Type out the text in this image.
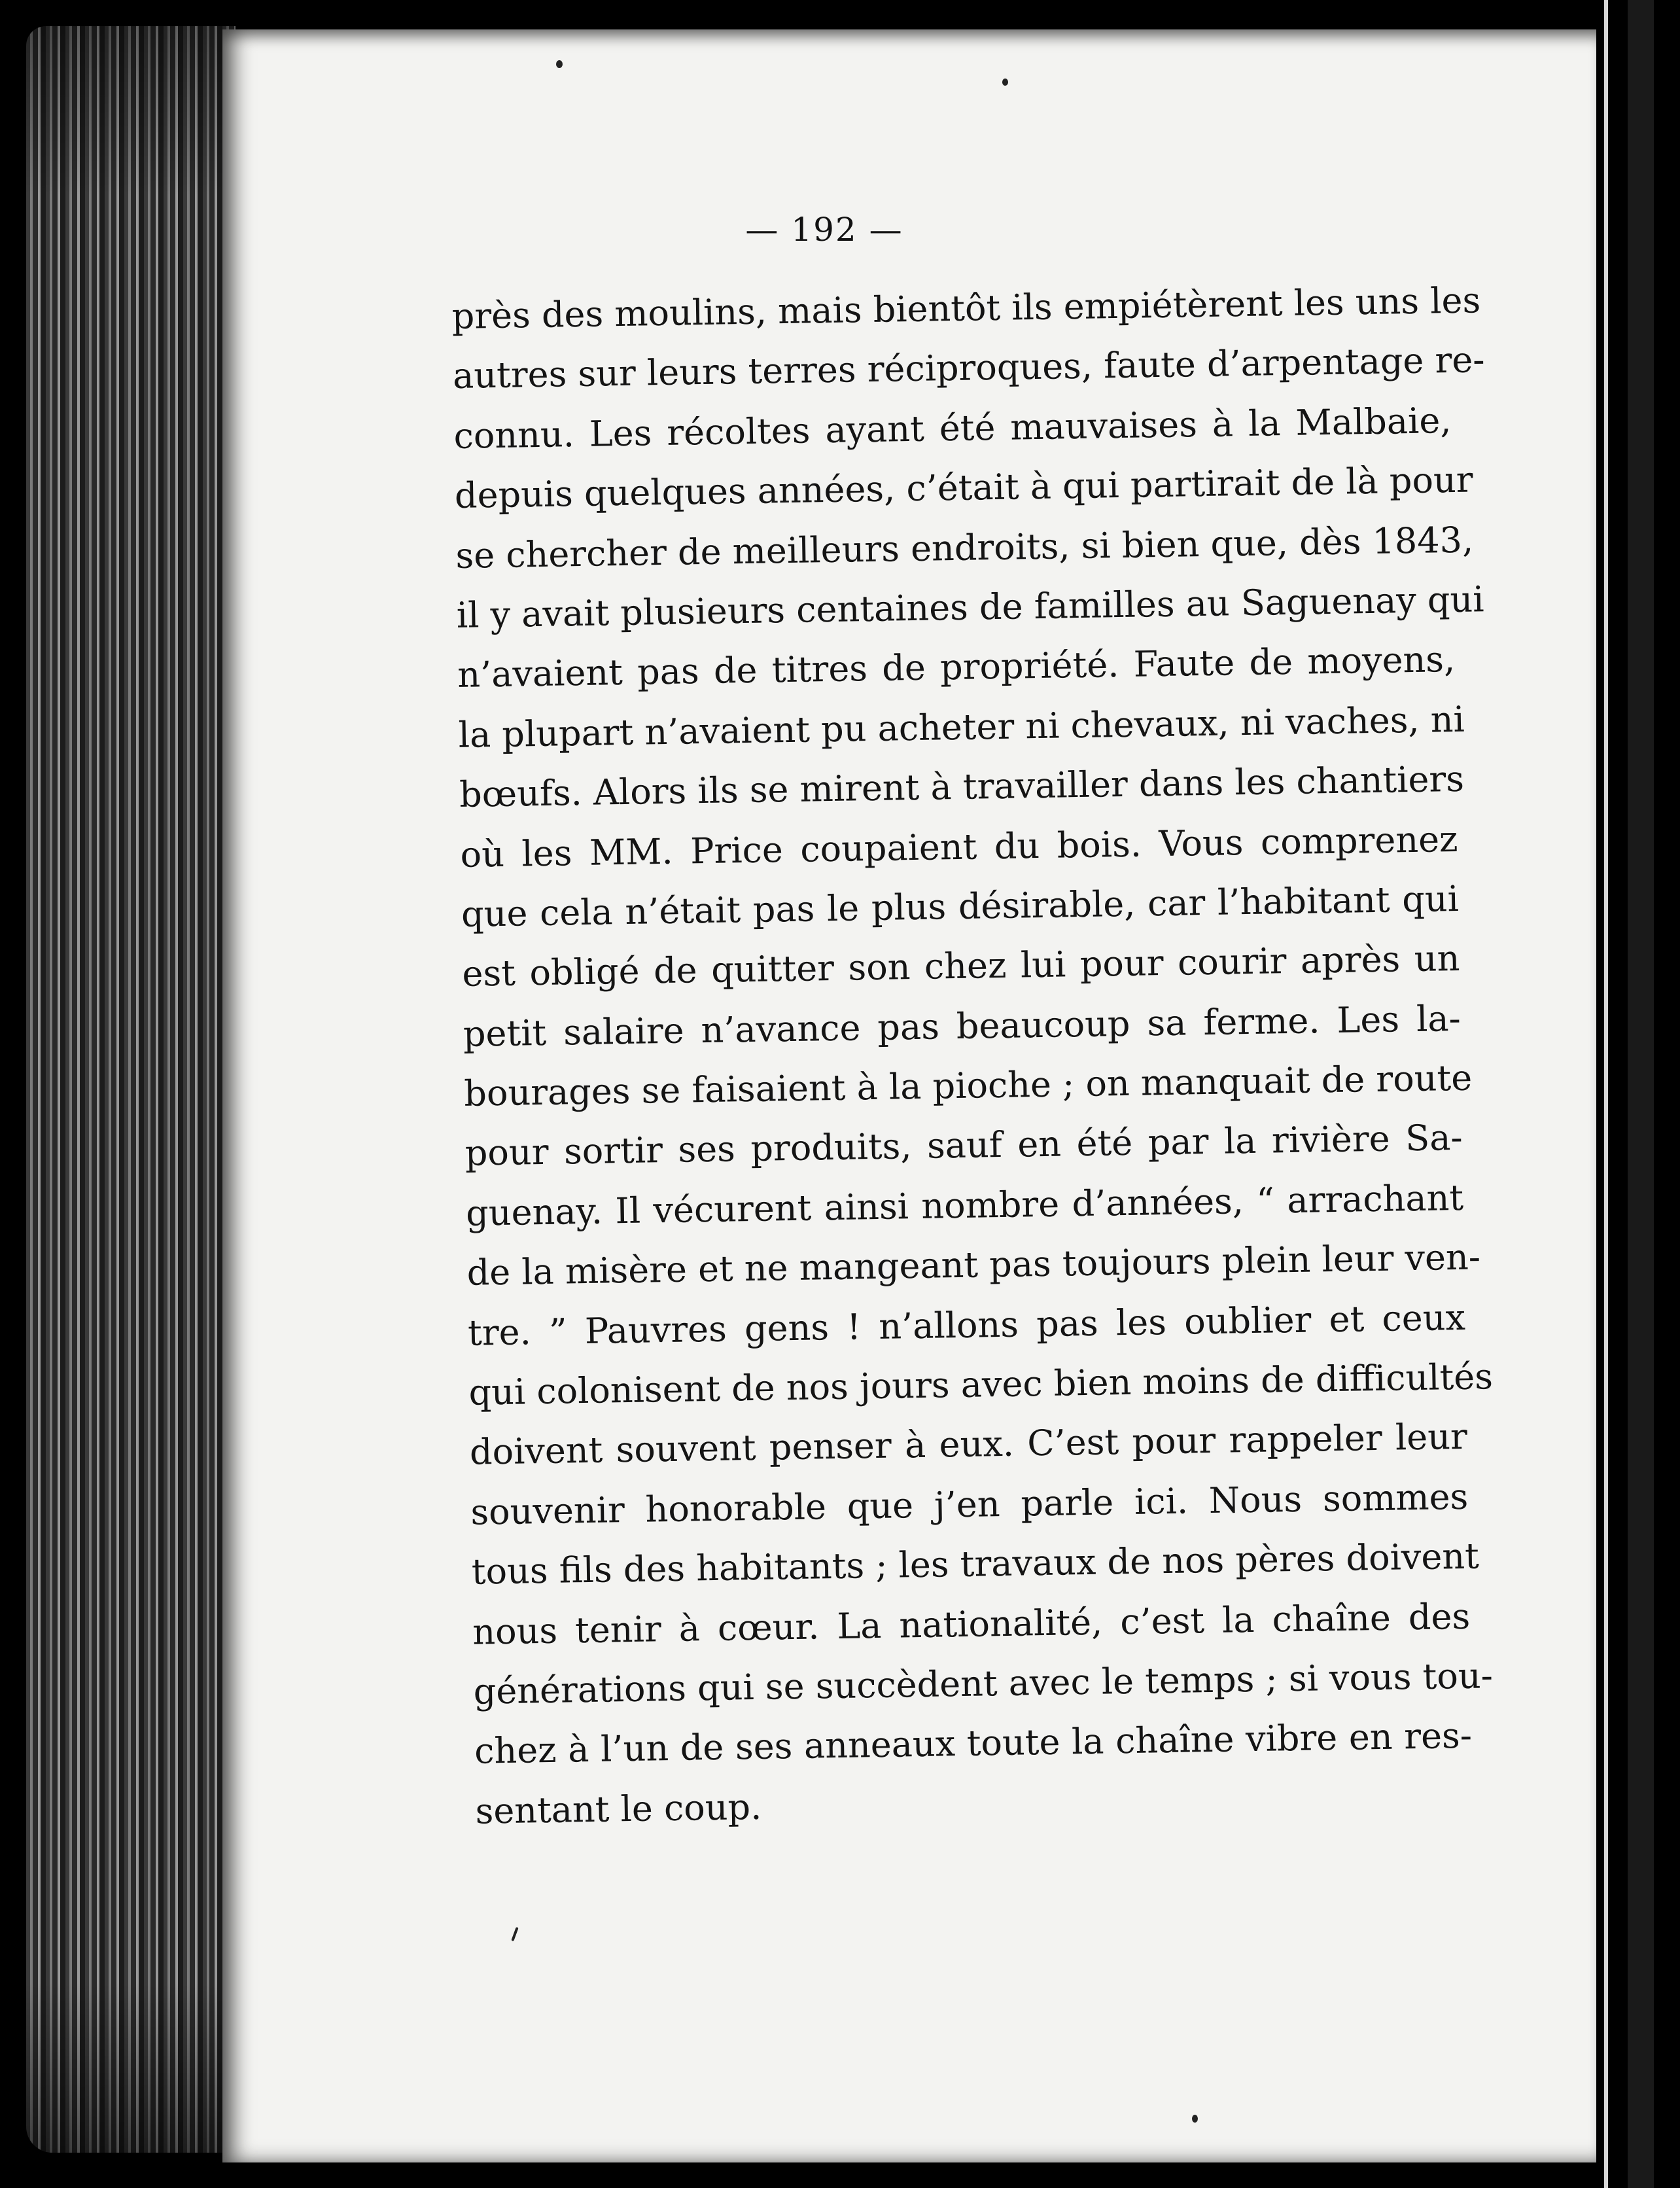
— 192 —
près des moulins, mais bientôt ils empiétèrent les uns les
autres sur leurs terres réciproques, faute d’arpentage re-
connu. Les récoltes ayant été mauvaises à la Malbaie,
depuis quelques années, c’était à qui partirait de là pour
se chercher de meilleurs endroits, si bien que, dès 1843,
il y avait plusieurs centaines de familles au Saguenay qui
n’avaient pas de titres de propriété. Faute de moyens,
la plupart n’avaient pu acheter ni chevaux, ni vaches, ni
bœufs. Alors ils se mirent à travailler dans les chantiers
où les MM. Price coupaient du bois. Vous comprenez
que cela n’était pas le plus désirable, car l’habitant qui
est obligé de quitter son chez lui pour courir après un
petit salaire n’avance pas beaucoup sa ferme. Les la-
bourages se faisaient à la pioche ; on manquait de route
pour sortir ses produits, sauf en été par la rivière Sa-
guenay. Il vécurent ainsi nombre d’années, “ arrachant
de la misère et ne mangeant pas toujours plein leur ven-
tre. ” Pauvres gens ! n’allons pas les oublier et ceux
qui colonisent de nos jours avec bien moins de difficultés
doivent souvent penser à eux. C’est pour rappeler leur
souvenir honorable que j’en parle ici. Nous sommes
tous fils des habitants ; les travaux de nos pères doivent
nous tenir à cœur. La nationalité, c’est la chaîne des
générations qui se succèdent avec le temps ; si vous tou-
chez à l’un de ses anneaux toute la chaîne vibre en res-
sentant le coup.
